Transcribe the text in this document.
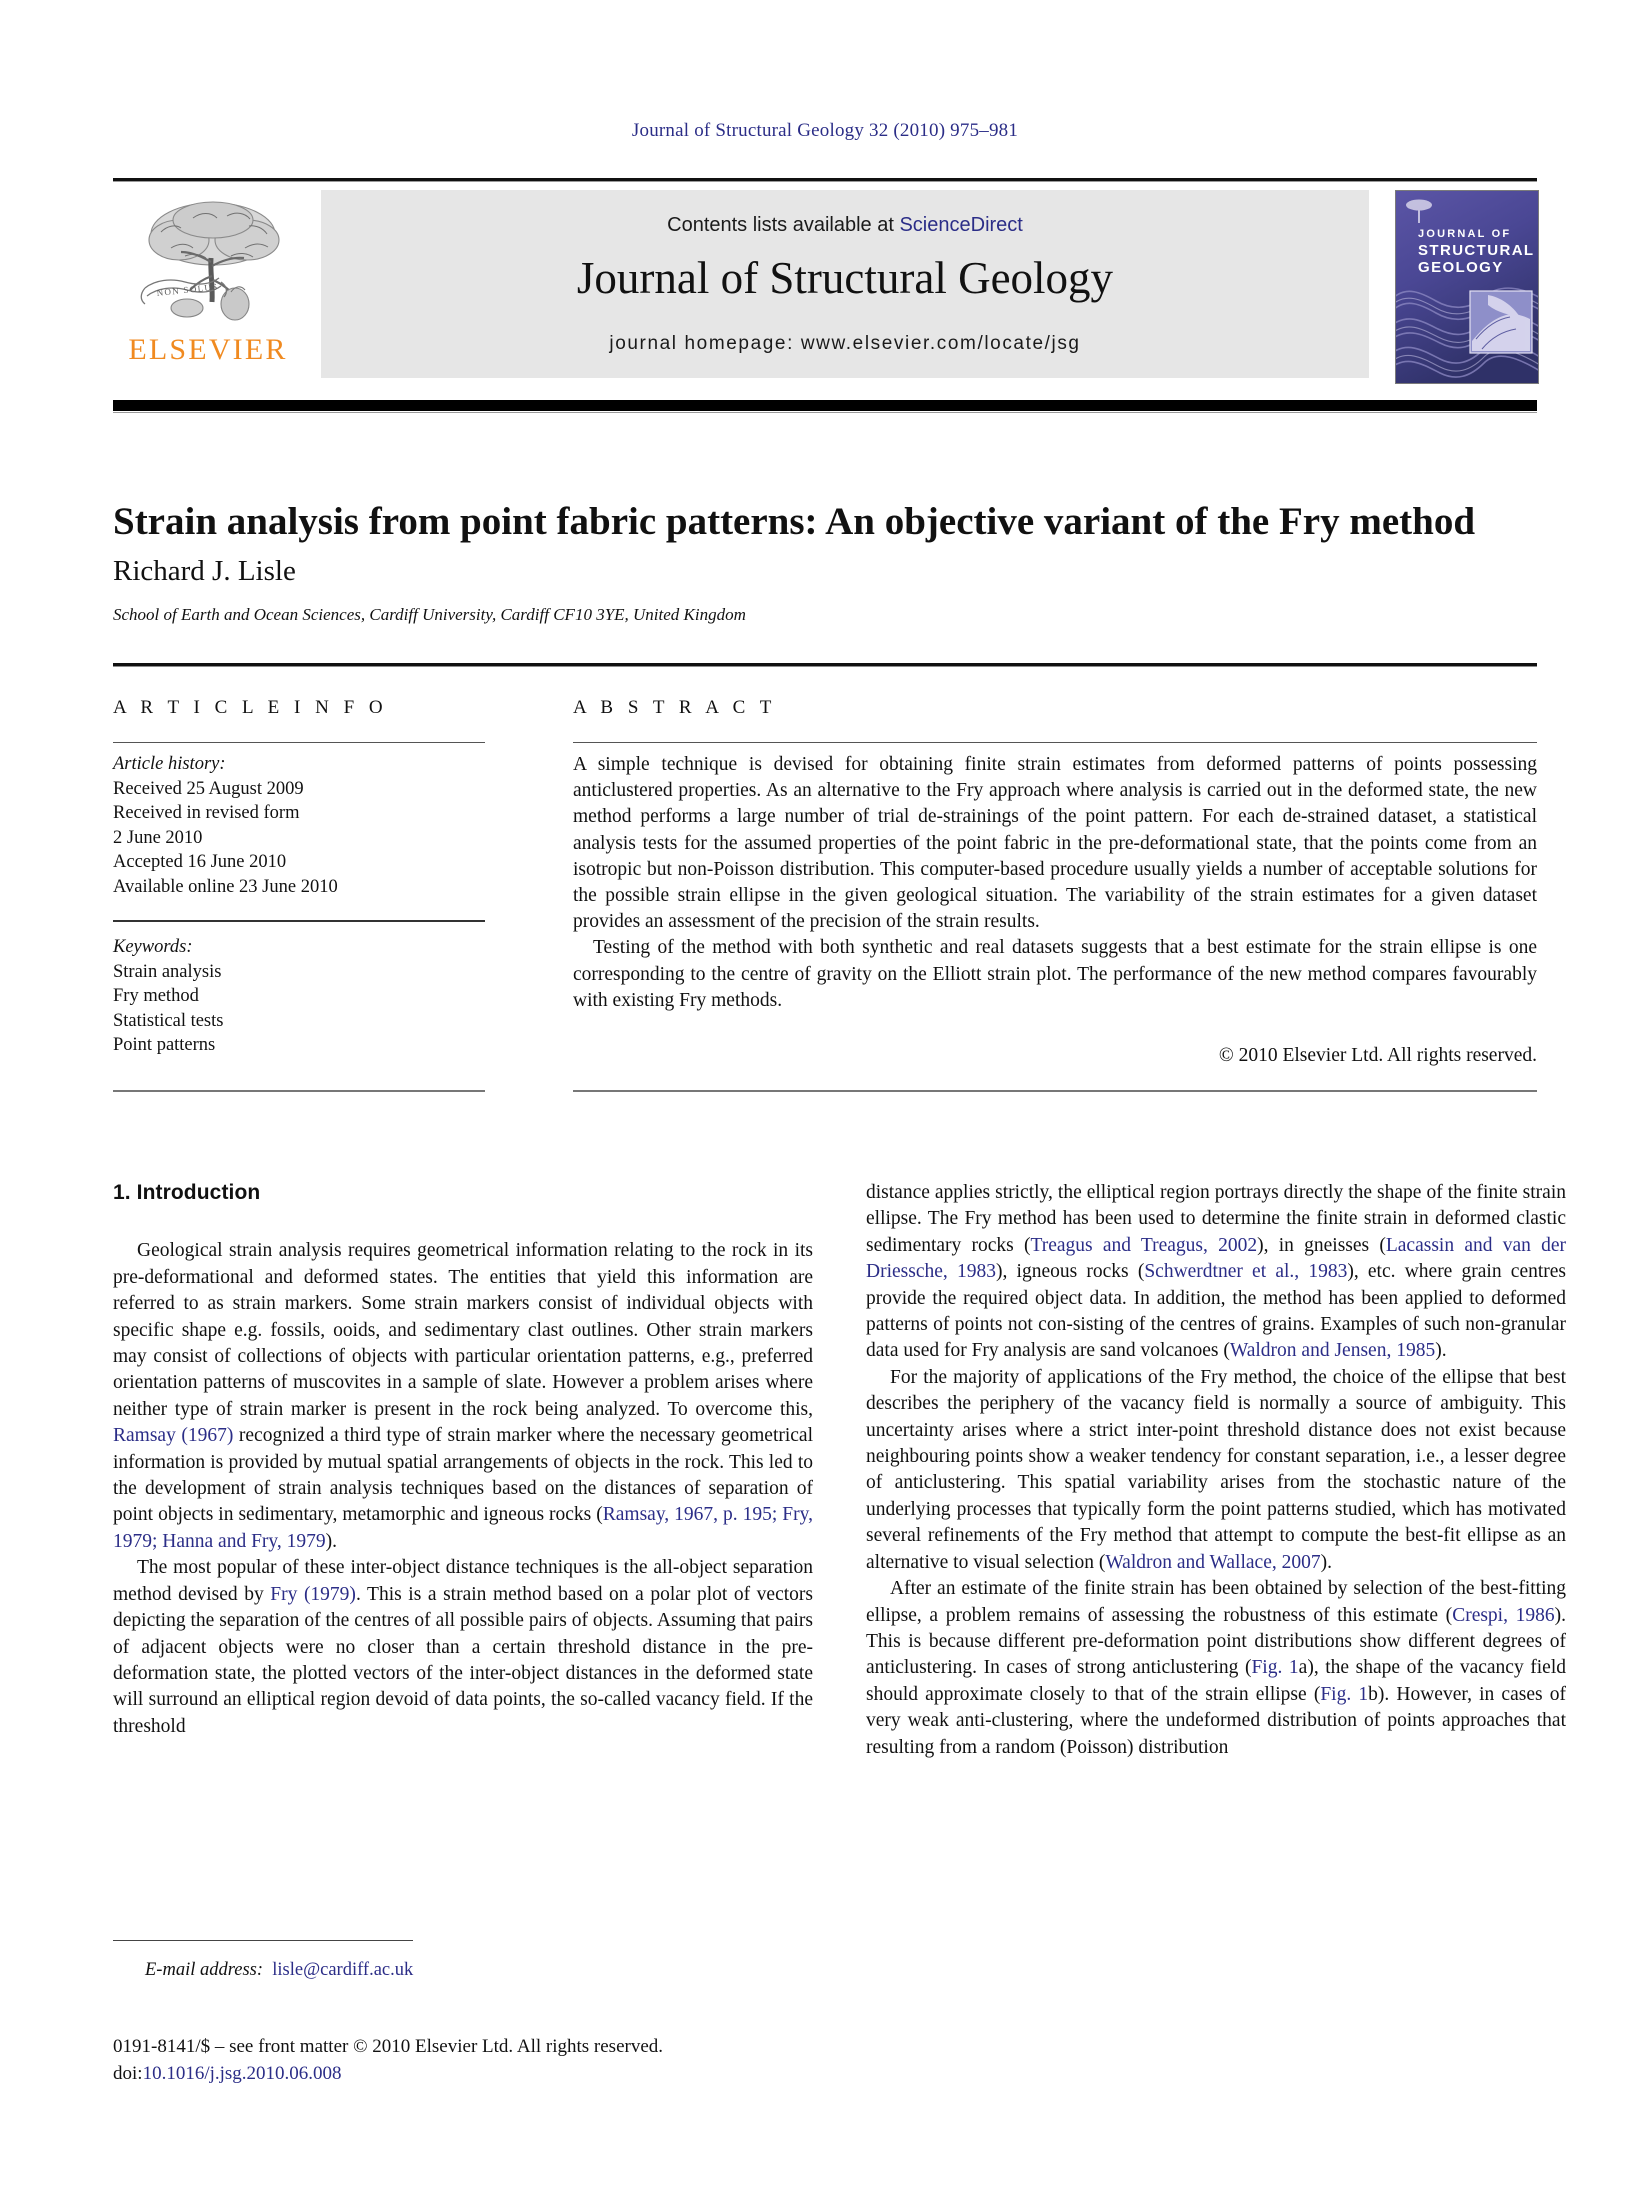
Journal of Structural Geology 32 (2010) 975–981
NON SOLUS
ELSEVIER
Contents lists available at ScienceDirect
Journal of Structural Geology
journal homepage: www.elsevier.com/locate/jsg
JOURNAL OF
STRUCTURAL
GEOLOGY
Strain analysis from point fabric patterns: An objective variant of the Fry method
Richard J. Lisle
School of Earth and Ocean Sciences, Cardiff University, Cardiff CF10 3YE, United Kingdom
A R T I C L E I N F O
Article history:
Received 25 August 2009
Received in revised form
2 June 2010
Accepted 16 June 2010
Available online 23 June 2010
Keywords:
Strain analysis
Fry method
Statistical tests
Point patterns
A B S T R A C T

A simple technique is devised for obtaining finite strain estimates from deformed patterns of points possessing anticlustered properties. As an alternative to the Fry approach where analysis is carried out in the deformed state, the new method performs a large number of trial de-strainings of the point pattern. For each de-strained dataset, a statistical analysis tests for the assumed properties of the point fabric in the pre-deformational state, that the points come from an isotropic but non-Poisson distribution. This computer-based procedure usually yields a number of acceptable solutions for the possible strain ellipse in the given geological situation. The variability of the strain estimates for a given dataset provides an assessment of the precision of the strain results.

Testing of the method with both synthetic and real datasets suggests that a best estimate for the strain ellipse is one corresponding to the centre of gravity on the Elliott strain plot. The performance of the new method compares favourably with existing Fry methods.

© 2010 Elsevier Ltd. All rights reserved.
1. Introduction

Geological strain analysis requires geometrical information relating to the rock in its pre-deformational and deformed states. The entities that yield this information are referred to as strain markers. Some strain markers consist of individual objects with specific shape e.g. fossils, ooids, and sedimentary clast outlines. Other strain markers may consist of collections of objects with particular orientation patterns, e.g., preferred orientation patterns of muscovites in a sample of slate. However a problem arises where neither type of strain marker is present in the rock being analyzed. To overcome this, Ramsay (1967) recognized a third type of strain marker where the necessary geometrical information is provided by mutual spatial arrangements of objects in the rock. This led to the development of strain analysis techniques based on the distances of separation of point objects in sedimentary, metamorphic and igneous rocks (Ramsay, 1967, p. 195; Fry, 1979; Hanna and Fry, 1979).

The most popular of these inter-object distance techniques is the all-object separation method devised by Fry (1979). This is a strain method based on a polar plot of vectors depicting the separation of the centres of all possible pairs of objects. Assuming that pairs of adjacent objects were no closer than a certain threshold distance in the pre-deformation state, the plotted vectors of the inter-object distances in the deformed state will surround an elliptical region devoid of data points, the so-called vacancy field. If the threshold

distance applies strictly, the elliptical region portrays directly the shape of the finite strain ellipse. The Fry method has been used to determine the finite strain in deformed clastic sedimentary rocks (Treagus and Treagus, 2002), in gneisses (Lacassin and van der Driessche, 1983), igneous rocks (Schwerdtner et al., 1983), etc. where grain centres provide the required object data. In addition, the method has been applied to deformed patterns of points not con-sisting of the centres of grains. Examples of such non-granular data used for Fry analysis are sand volcanoes (Waldron and Jensen, 1985).

For the majority of applications of the Fry method, the choice of the ellipse that best describes the periphery of the vacancy field is normally a source of ambiguity. This uncertainty arises where a strict inter-point threshold distance does not exist because neighbouring points show a weaker tendency for constant separation, i.e., a lesser degree of anticlustering. This spatial variability arises from the stochastic nature of the underlying processes that typically form the point patterns studied, which has motivated several refinements of the Fry method that attempt to compute the best-fit ellipse as an alternative to visual selection (Waldron and Wallace, 2007).

After an estimate of the finite strain has been obtained by selection of the best-fitting ellipse, a problem remains of assessing the robustness of this estimate (Crespi, 1986). This is because different pre-deformation point distributions show different degrees of anticlustering. In cases of strong anticlustering (Fig. 1a), the shape of the vacancy field should approximate closely to that of the strain ellipse (Fig. 1b). However, in cases of very weak anti-clustering, where the undeformed distribution of points approaches that resulting from a random (Poisson) distribution

E-mail address: lisle@cardiff.ac.uk
0191-8141/$ – see front matter © 2010 Elsevier Ltd. All rights reserved.
doi:10.1016/j.jsg.2010.06.008
